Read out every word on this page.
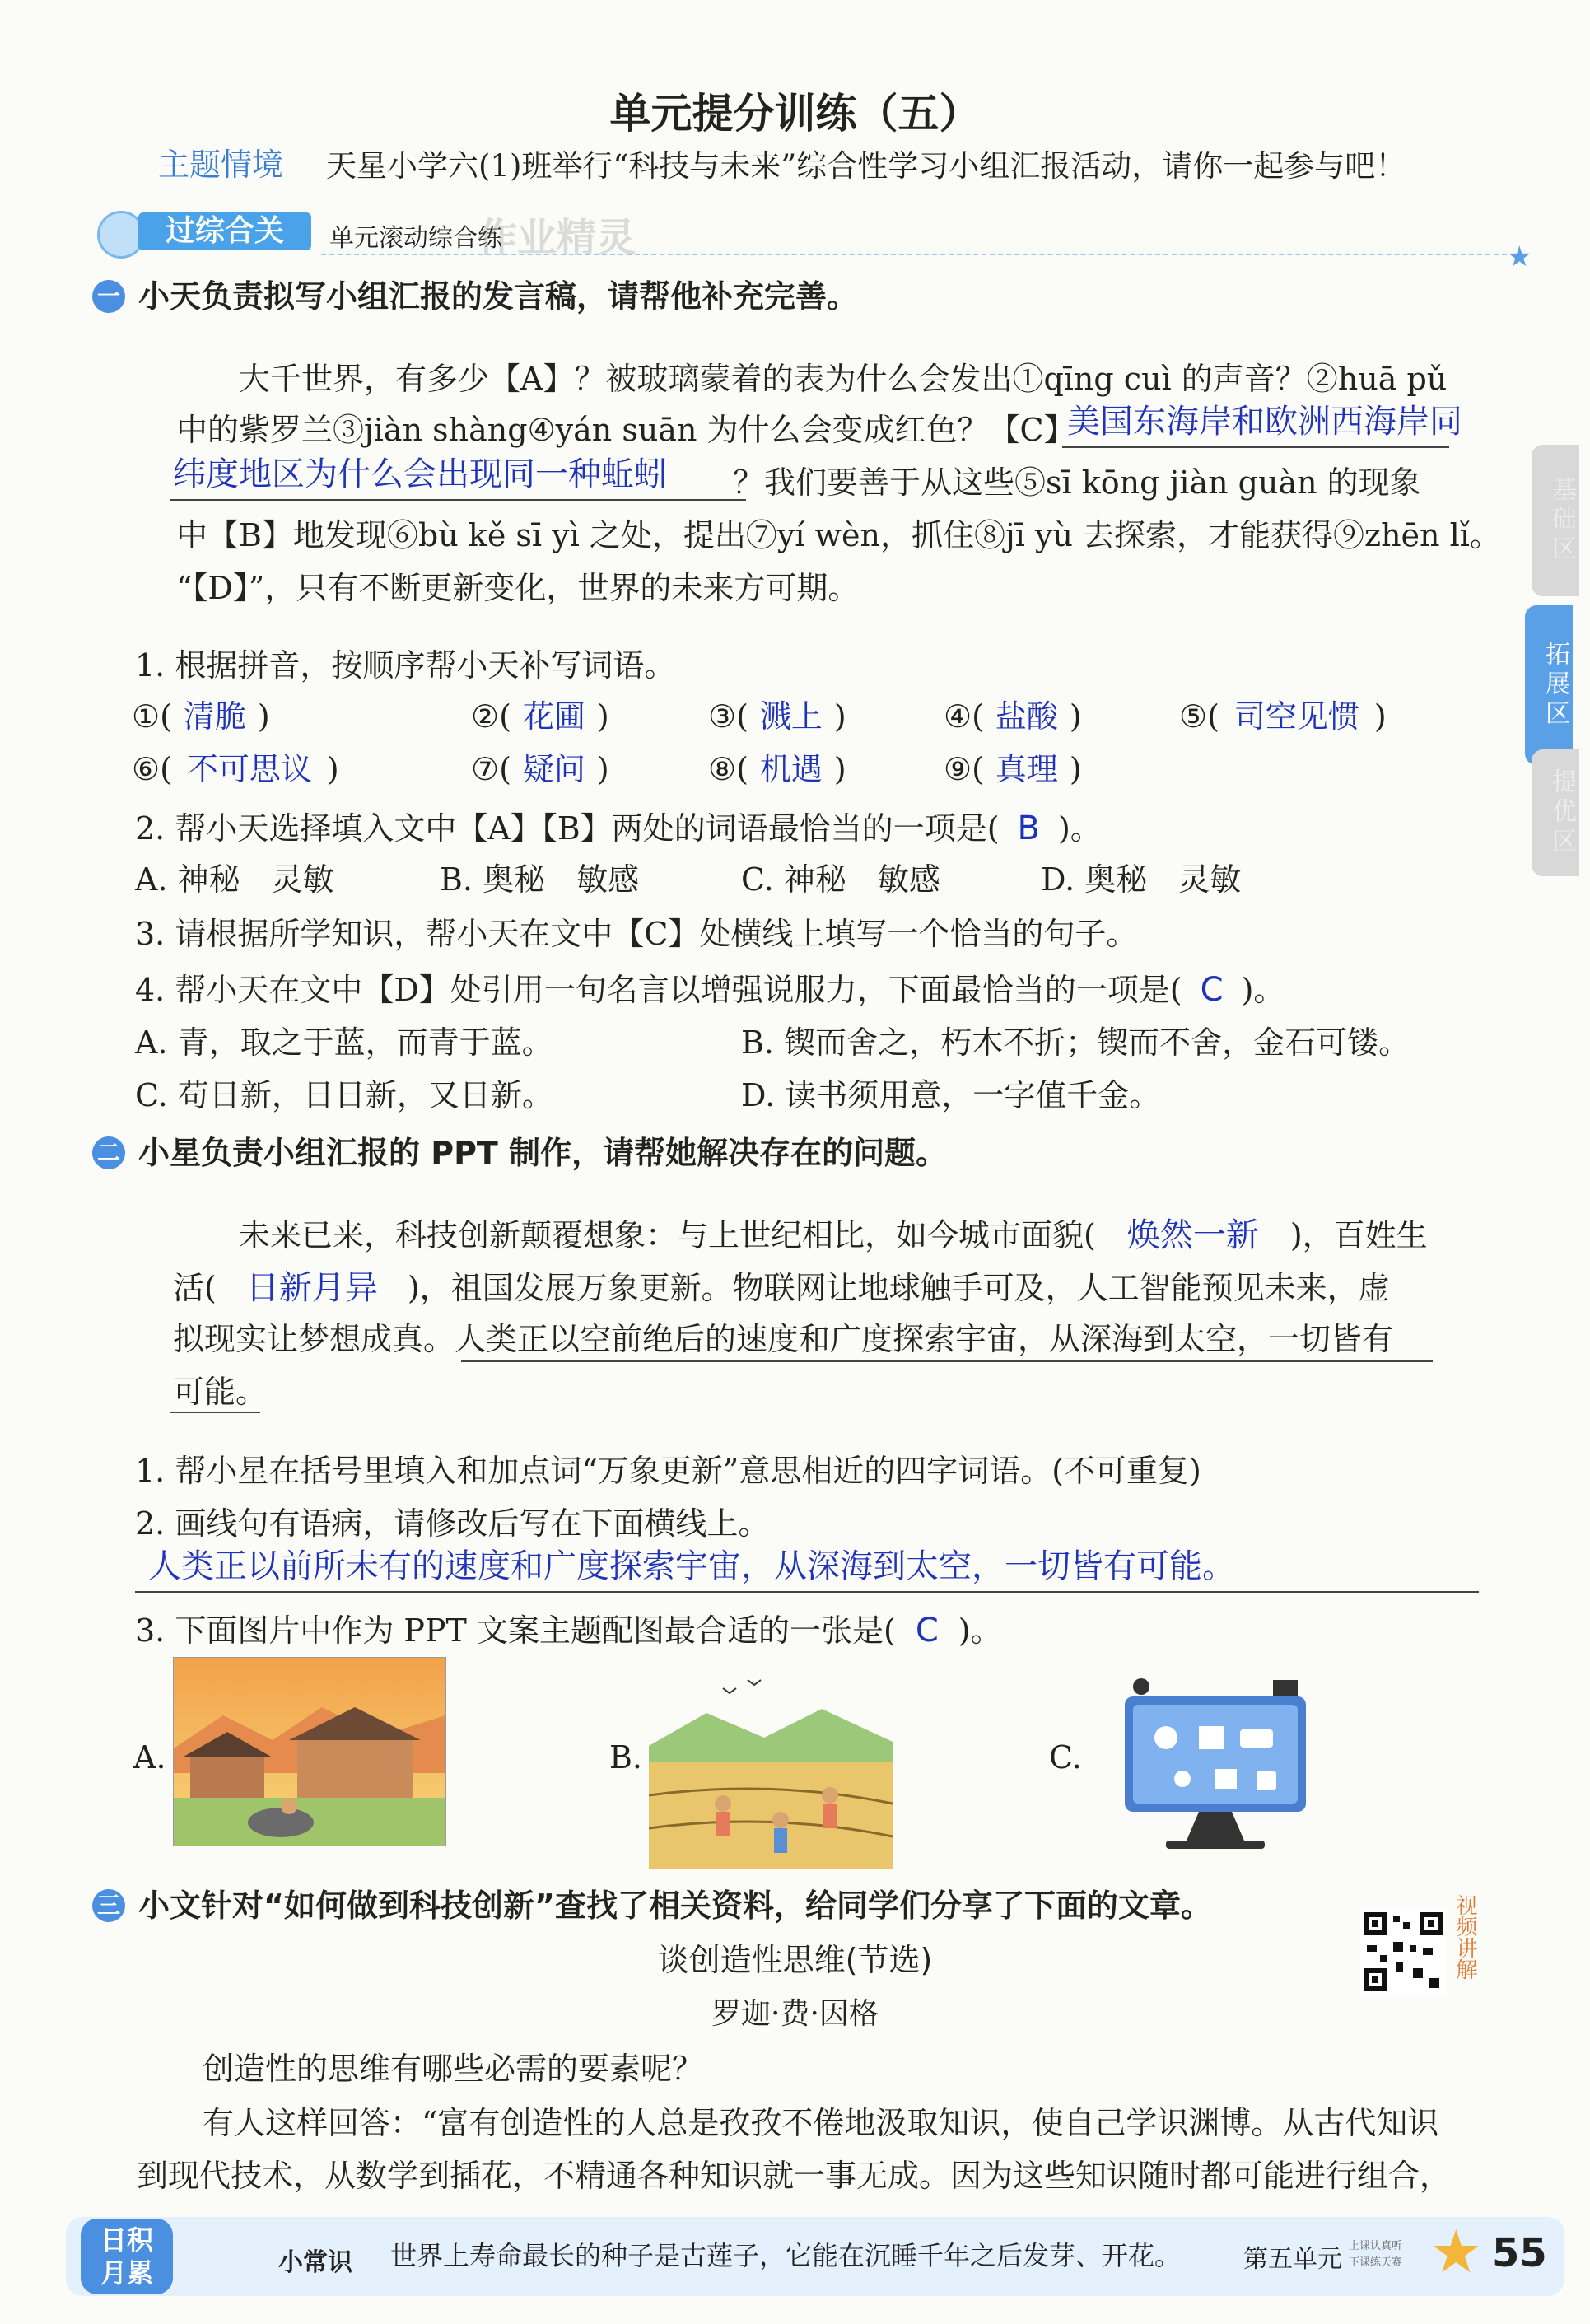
单元提分训练（五）
主题情境 天星小学六(1)班举行“科技与未来”综合性学习小组汇报活动，请你一起参与吧！
过综合关	单元滚动综合练
作业精灵	★
基础区
拓展区
提优区
一 小天负责拟写小组汇报的发言稿，请帮他补充完善。
大千世界，有多少【A】？被玻璃蒙着的表为什么会发出①qīng cuì 的声音？②huā pǔ
中的紫罗兰③jiàn shàng④yán suān 为什么会变成红色？【C】
美国东海岸和欧洲西海岸同
纬度地区为什么会出现同一种蚯蚓 ？我们要善于从这些⑤sī kōng jiàn guàn 的现象
中【B】地发现⑥bù kě sī yì 之处，提出⑦yí wèn，抓住⑧jī yù 去探索，才能获得⑨zhēn lǐ。
“【D】”，只有不断更新变化，世界的未来方可期。
1. 根据拼音，按顺序帮小天补写词语。
①( 清脆 )	②( 花圃 )	③( 溅上 )	④( 盐酸 )	⑤( 司空见惯 )
⑥( 不可思议 )	⑦( 疑问 )	⑧( 机遇 )	⑨( 真理 )
2. 帮小天选择填入文中【A】【B】两处的词语最恰当的一项是( B )。
A. 神秘　灵敏	B. 奥秘　敏感	C. 神秘　敏感	D. 奥秘　灵敏
3. 请根据所学知识，帮小天在文中【C】处横线上填写一个恰当的句子。
4. 帮小天在文中【D】处引用一句名言以增强说服力，下面最恰当的一项是( C )。
A. 青，取之于蓝，而青于蓝。	B. 锲而舍之，朽木不折；锲而不舍，金石可镂。
C. 苟日新，日日新，又日新。	D. 读书须用意，一字值千金。
二 小星负责小组汇报的 PPT 制作，请帮她解决存在的问题。
未来已来，科技创新颠覆想象：与上世纪相比，如今城市面貌( 焕然一新 )，百姓生
活( 日新月异 )，祖国发展万象更新。物联网让地球触手可及，人工智能预见未来，虚
拟现实让梦想成真。人类正以空前绝后的速度和广度探索宇宙，从深海到太空，一切皆有
可能。
1. 帮小星在括号里填入和加点词“万象更新”意思相近的四字词语。(不可重复)
2. 画线句有语病，请修改后写在下面横线上。
人类正以前所未有的速度和广度探索宇宙，从深海到太空，一切皆有可能。
3. 下面图片中作为 PPT 文案主题配图最合适的一张是( C )。
A.	B.	C.
三 小文针对“如何做到科技创新”查找了相关资料，给同学们分享了下面的文章。	视频讲解
谈创造性思维(节选)
罗迦·费·因格
创造性的思维有哪些必需的要素呢？
有人这样回答：“富有创造性的人总是孜孜不倦地汲取知识，使自己学识渊博。从古代知识
到现代技术，从数学到插花，不精通各种知识就一事无成。因为这些知识随时都可能进行组合，
日积
月累	小常识 世界上寿命最长的种子是古莲子，它能在沉睡千年之后发芽、开花。	第五单元 上课认真听
下课练天赛 ★ 55
